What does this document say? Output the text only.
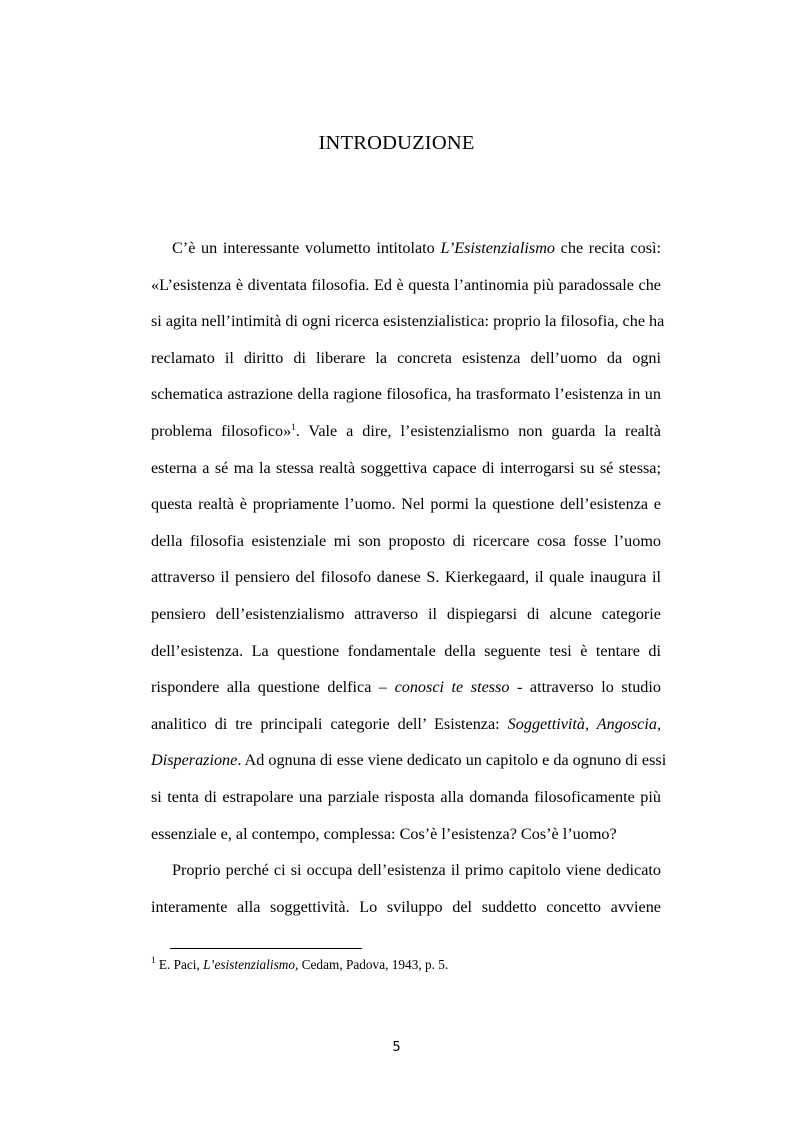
INTRODUZIONE
C’è un interessante volumetto intitolato L’Esistenzialismo che recita così:
«L’esistenza è diventata filosofia. Ed è questa l’antinomia più paradossale che
si agita nell’intimità di ogni ricerca esistenzialistica: proprio la filosofia, che ha
reclamato il diritto di liberare la concreta esistenza dell’uomo da ogni
schematica astrazione della ragione filosofica, ha trasformato l’esistenza in un
problema filosofico»$^1$. Vale a dire, l’esistenzialismo non guarda la realtà
esterna a sé ma la stessa realtà soggettiva capace di interrogarsi su sé stessa;
questa realtà è propriamente l’uomo. Nel pormi la questione dell’esistenza e
della filosofia esistenziale mi son proposto di ricercare cosa fosse l’uomo
attraverso il pensiero del filosofo danese S. Kierkegaard, il quale inaugura il
pensiero dell’esistenzialismo attraverso il dispiegarsi di alcune categorie
dell’esistenza. La questione fondamentale della seguente tesi è tentare di
rispondere alla questione delfica – conosci te stesso - attraverso lo studio
analitico di tre principali categorie dell’ Esistenza: Soggettività, Angoscia,
Disperazione. Ad ognuna di esse viene dedicato un capitolo e da ognuno di essi
si tenta di estrapolare una parziale risposta alla domanda filosoficamente più
essenziale e, al contempo, complessa: Cos’è l’esistenza? Cos’è l’uomo?
Proprio perché ci si occupa dell’esistenza il primo capitolo viene dedicato
interamente alla soggettività. Lo sviluppo del suddetto concetto avviene
$^1$ E. Paci, L’esistenzialismo, Cedam, Padova, 1943, p. 5.
5
